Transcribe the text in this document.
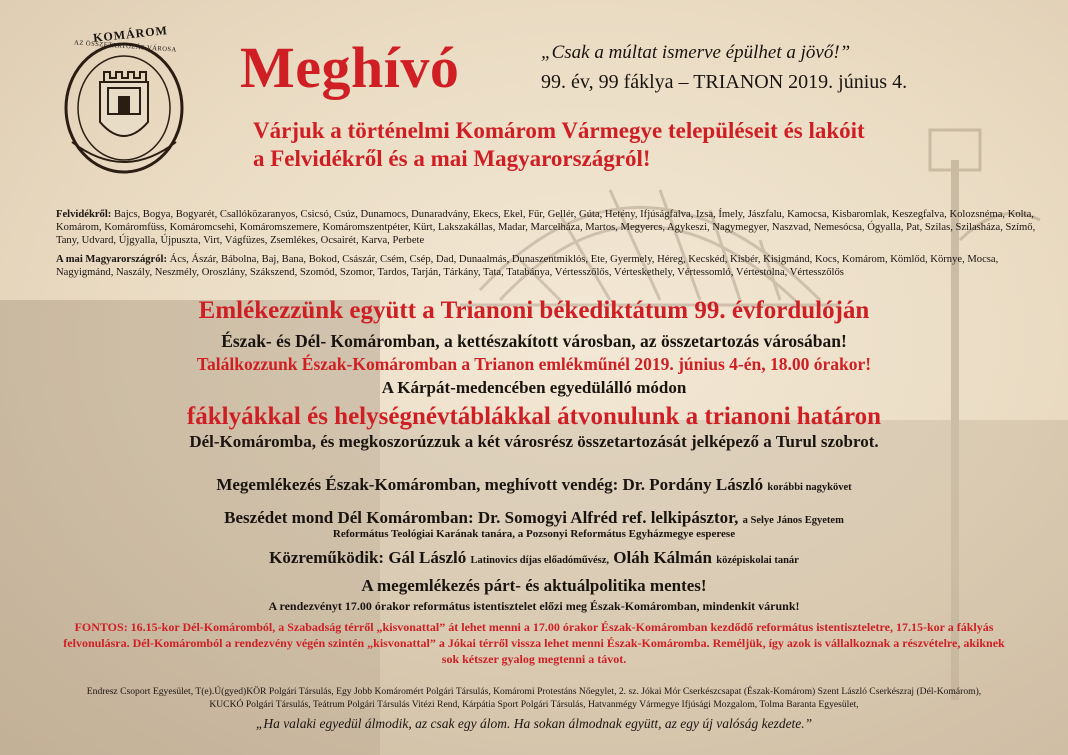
KOMÁROM
AZ ÖSSZETARTOZÁS VÁROSA Meghívó	„Csak a múltat ismerve épülhet a jövő!”
99. év, 99 fáklya – TRIANON 2019. június 4.
Várjuk a történelmi Komárom Vármegye településeit és lakóit
a Felvidékről és a mai Magyarországról!
Felvidékről: Bajcs, Bogya, Bogyarét, Csallóközaranyos, Csicsó, Csúz, Dunamocs, Dunaradvány, Ekecs, Ekel, Fűr, Gellér, Gúta, Hetény, Ifjúságfalva, Izsa, Ímely, Jászfalu, Kamocsa, Kisbaromlak, Keszegfalva, Kolozsnéma, Kolta, Komárom, Komáromfüss, Komáromcsehi, Komáromszemere, Komáromszentpéter, Kürt, Lakszakállas, Madar, Marcelháza, Martos, Megyercs, Agykeszi, Nagymegyer, Naszvad, Nemesócsa, Ógyalla, Pat, Szilas, Szilasháza, Szímő, Tany, Udvard, Újgyalla, Újpuszta, Virt, Vágfüzes, Zsemlékes, Ocsairét, Karva, Perbete
A mai Magyarországról: Ács, Ászár, Bábolna, Baj, Bana, Bokod, Császár, Csém, Csép, Dad, Dunaalmás, Dunaszentmiklós, Ete, Gyermely, Héreg, Kecskéd, Kisbér, Kisigmánd, Kocs, Komárom, Kömlőd, Környe, Mocsa, Nagyigmánd, Naszály, Neszmély, Oroszlány, Szákszend, Szomód, Szomor, Tardos, Tarján, Tárkány, Tata, Tatabánya, Vértesszőlős, Vérteskethely, Vértessomló, Vértestolna, Vértesszőlős
Emlékezzünk együtt a Trianoni békediktátum 99. évfordulóján
Észak- és Dél- Komáromban, a kettészakított városban, az összetartozás városában!
Találkozzunk Észak-Komáromban a Trianon emlékműnél 2019. június 4-én, 18.00 órakor!
A Kárpát-medencében egyedülálló módon
fáklyákkal és helységnévtáblákkal átvonulunk a trianoni határon
Dél-Komáromba, és megkoszorúzzuk a két városrész összetartozását jelképező a Turul szobrot.
Megemlékezés Észak-Komáromban, meghívott vendég: Dr. Pordány László korábbi nagykövet
Beszédet mond Dél Komáromban: Dr. Somogyi Alfréd ref. lelkipásztor, a Selye János Egyetem
Református Teológiai Karának tanára, a Pozsonyi Református Egyházmegye esperese
Közreműködik: Gál László Latinovics díjas előadóművész, Oláh Kálmán középiskolai tanár
A megemlékezés párt- és aktuálpolitika mentes!
A rendezvényt 17.00 órakor református istentisztelet előzi meg Észak-Komáromban, mindenkit várunk!
FONTOS: 16.15-kor Dél-Komáromból, a Szabadság térről „kisvonattal” át lehet menni a 17.00 órakor Észak-Komáromban kezdődő református istentiszteletre, 17.15-kor a fáklyás felvonulásra. Dél-Komáromból a rendezvény végén szintén „kisvonattal” a Jókai térről vissza lehet menni Észak-Komáromba. Reméljük, így azok is vállalkoznak a részvételre, akiknek sok kétszer gyalog megtenni a távot.
Endresz Csoport Egyesület, T(e).Ú(gyed)KÖR Polgári Társulás, Egy Jobb Komáromért Polgári Társulás, Komáromi Protestáns Nőegylet, 2. sz. Jókai Mór Cserkészcsapat (Észak-Komárom) Szent László Cserkészraj (Dél-Komárom),
KUCKÓ Polgári Társulás, Teátrum Polgári Társulás Vitézi Rend, Kárpátia Sport Polgári Társulás, Hatvanmégy Vármegye Ifjúsági Mozgalom, Tolma Baranta Egyesület,
„Ha valaki egyedül álmodik, az csak egy álom. Ha sokan álmodnak együtt, az egy új valóság kezdete.”
